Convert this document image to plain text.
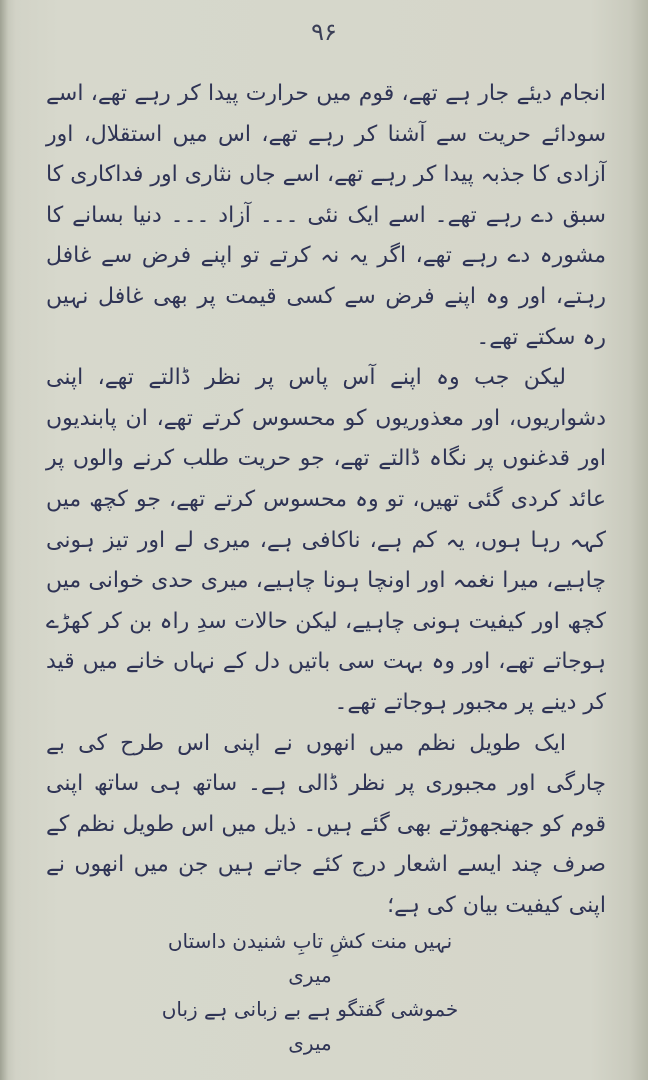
۹۶

انجام دیئے جار ہے تھے، قوم میں حرارت پیدا کر رہے تھے، اسے سودائے حریت سے آشنا کر رہے تھے، اس میں استقلال، اور آزادی کا جذبہ پیدا کر رہے تھے، اسے جاں نثاری اور فداکاری کا سبق دے رہے تھے۔ اسے ایک نئی ۔۔۔ آزاد ۔۔۔ دنیا بسانے کا مشورہ دے رہے تھے، اگر یہ نہ کرتے تو اپنے فرض سے غافل رہتے، اور وہ اپنے فرض سے کسی قیمت پر بھی غافل نہیں رہ سکتے تھے۔

لیکن جب وہ اپنے آس پاس پر نظر ڈالتے تھے، اپنی دشواریوں، اور معذوریوں کو محسوس کرتے تھے، ان پابندیوں اور قدغنوں پر نگاہ ڈالتے تھے، جو حریت طلب کرنے والوں پر عائد کردی گئی تھیں، تو وہ محسوس کرتے تھے، جو کچھ میں کہہ رہا ہوں، یہ کم ہے، ناکافی ہے، میری لے اور تیز ہونی چاہیے، میرا نغمہ اور اونچا ہونا چاہیے، میری حدی خوانی میں کچھ اور کیفیت ہونی چاہیے، لیکن حالات سدِ راہ بن کر کھڑے ہوجاتے تھے، اور وہ بہت سی باتیں دل کے نہاں خانے میں قید کر دینے پر مجبور ہوجاتے تھے۔

ایک طویل نظم میں انھوں نے اپنی اس طرح کی بے چارگی اور مجبوری پر نظر ڈالی ہے۔ ساتھ ہی ساتھ اپنی قوم کو جھنجھوڑتے بھی گئے ہیں۔ ذیل میں اس طویل نظم کے صرف چند ایسے اشعار درج کئے جاتے ہیں جن میں انھوں نے اپنی کیفیت بیان کی ہے؛

نہیں منت کشِ تابِ شنیدن داستاں میری
خموشی گفتگو ہے بے زبانی ہے زباں میری
